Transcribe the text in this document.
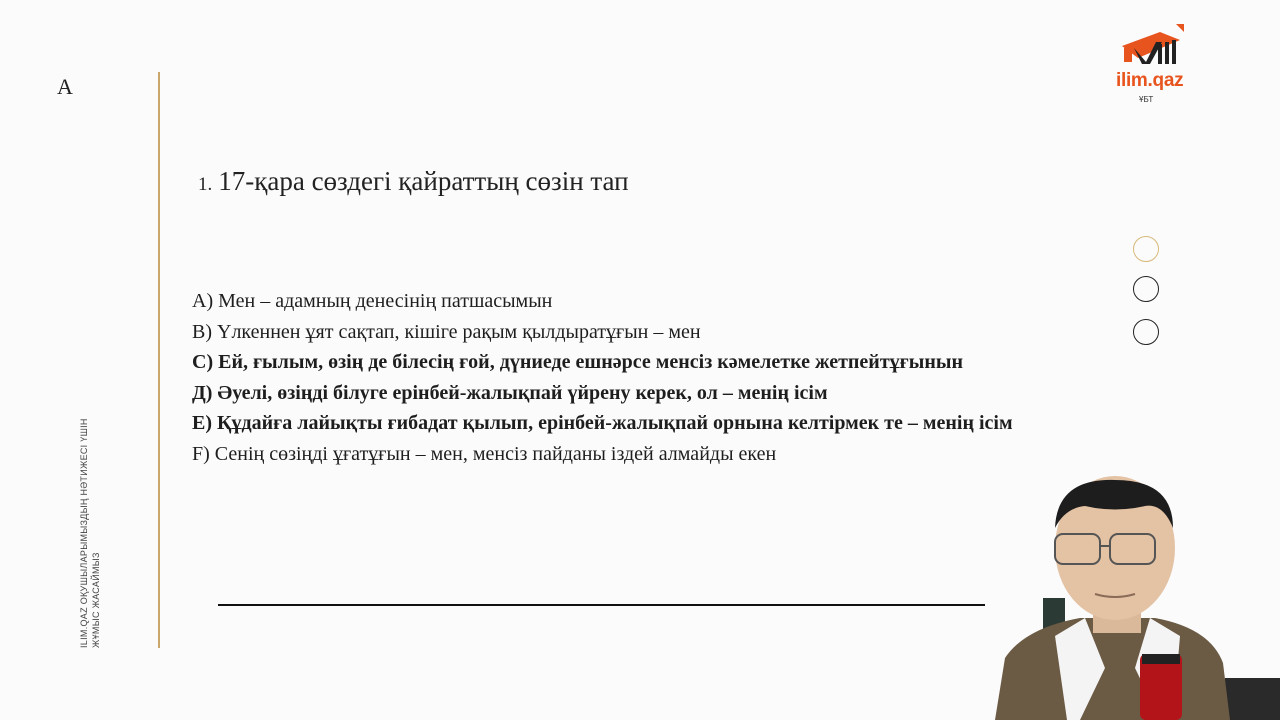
A
ILIM.QAZ ОҚУШЫЛАРЫМЫЗДЫҢ НӘТИЖЕСІ ҮШІН ЖҰМЫС ЖАСАЙМЫЗ
1. 17-қара сөздегі қайраттың сөзін тап
А) Мен – адамның денесінің патшасымын
В) Үлкеннен ұят сақтап, кішіге рақым қылдыратұғын – мен
С) Ей, ғылым, өзің де білесің ғой, дүниеде ешнәрсе менсіз кәмелетке жетпейтұғынын
Д) Әуелі, өзіңді білуге ерінбей-жалықпай үйрену керек, ол – менің ісім
Е) Құдайға лайықты ғибадат қылып, ерінбей-жалықпай орнына келтірмек те – менің ісім
F) Сенің сөзіңді ұғатұғын – мен, менсіз пайданы іздей алмайды екен
ilim.qaz
ҰБТ
